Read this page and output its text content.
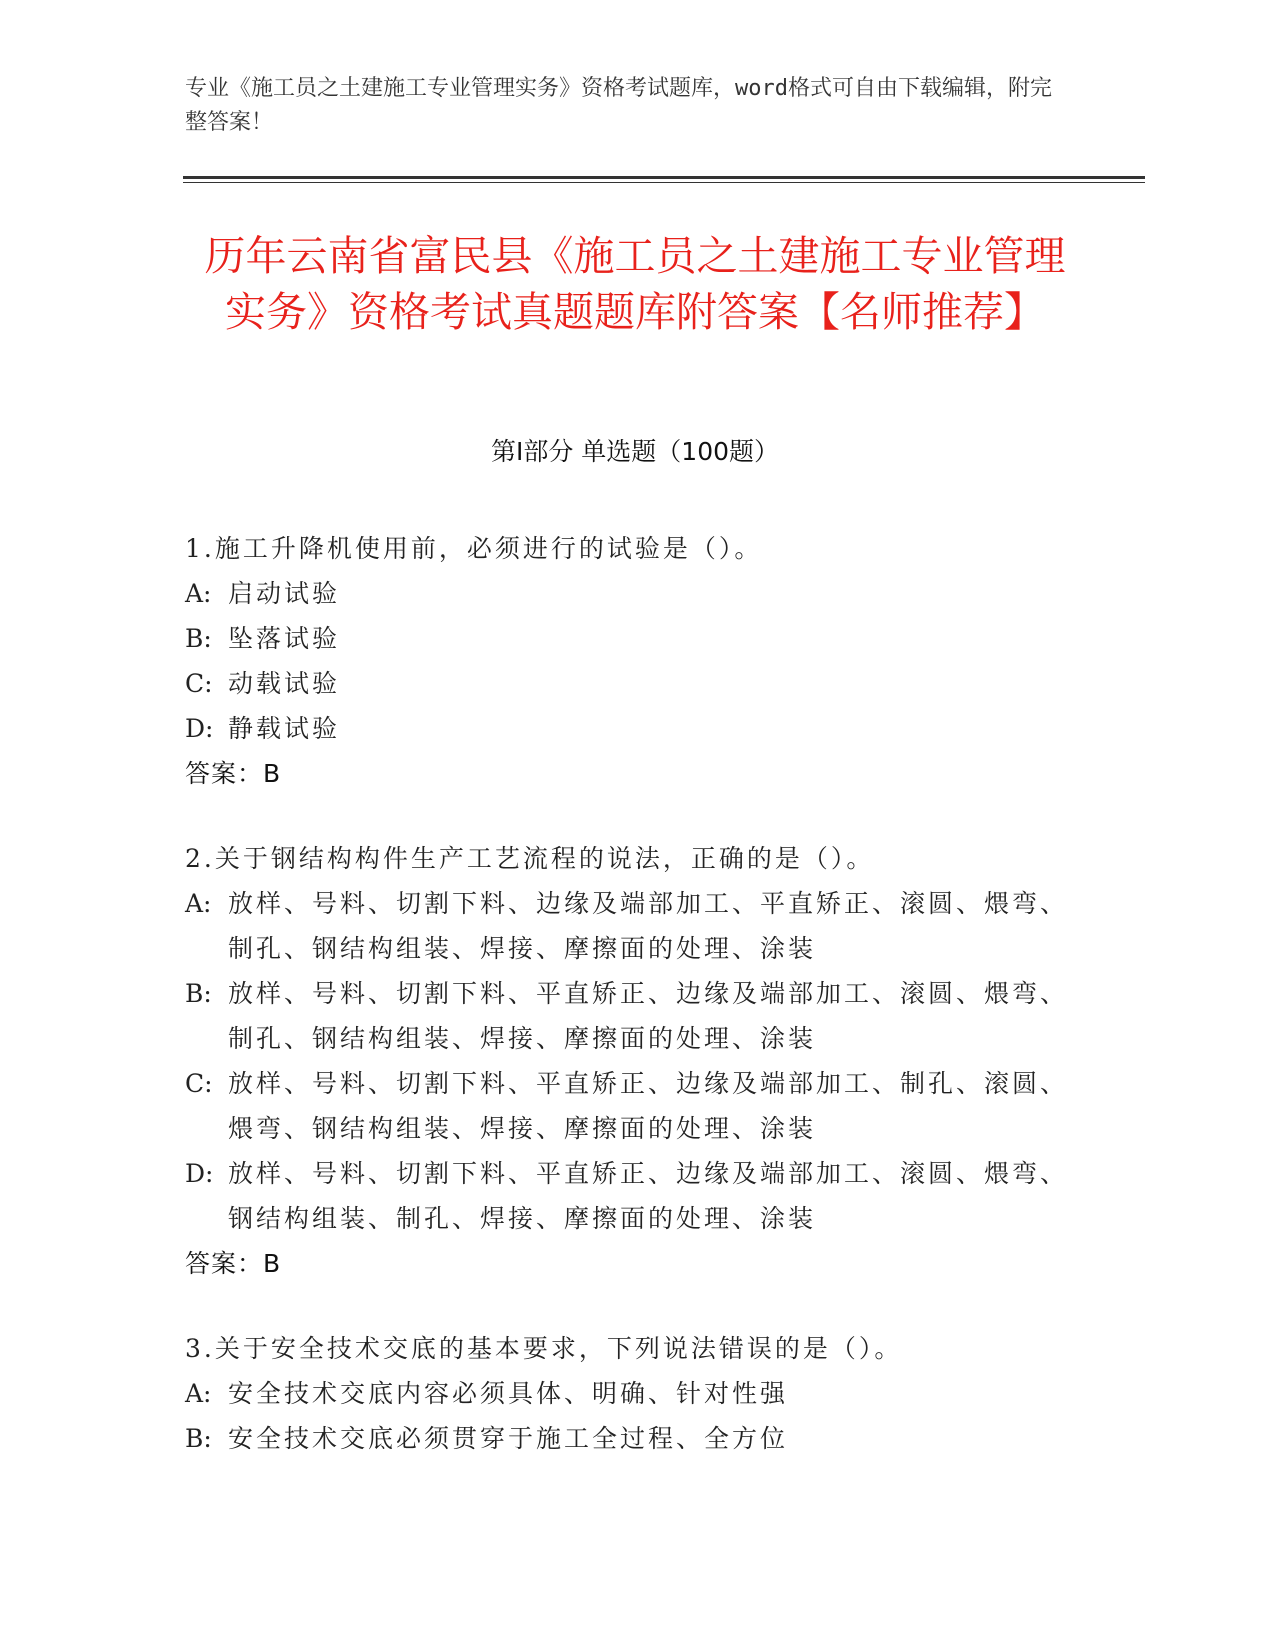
专业《施工员之土建施工专业管理实务》资格考试题库，word格式可自由下载编辑，附完整答案！
历年云南省富民县《施工员之土建施工专业管理实务》资格考试真题题库附答案【名师推荐】
第I部分 单选题（100题）
1.施工升降机使用前，必须进行的试验是（）。
A: 启动试验
B: 坠落试验
C: 动载试验
D: 静载试验
答案：B
2.关于钢结构构件生产工艺流程的说法，正确的是（）。
A: 放样、号料、切割下料、边缘及端部加工、平直矫正、滚圆、煨弯、制孔、钢结构组装、焊接、摩擦面的处理、涂装
B: 放样、号料、切割下料、平直矫正、边缘及端部加工、滚圆、煨弯、制孔、钢结构组装、焊接、摩擦面的处理、涂装
C: 放样、号料、切割下料、平直矫正、边缘及端部加工、制孔、滚圆、煨弯、钢结构组装、焊接、摩擦面的处理、涂装
D: 放样、号料、切割下料、平直矫正、边缘及端部加工、滚圆、煨弯、钢结构组装、制孔、焊接、摩擦面的处理、涂装
答案：B
3.关于安全技术交底的基本要求，下列说法错误的是（）。
A: 安全技术交底内容必须具体、明确、针对性强
B: 安全技术交底必须贯穿于施工全过程、全方位
